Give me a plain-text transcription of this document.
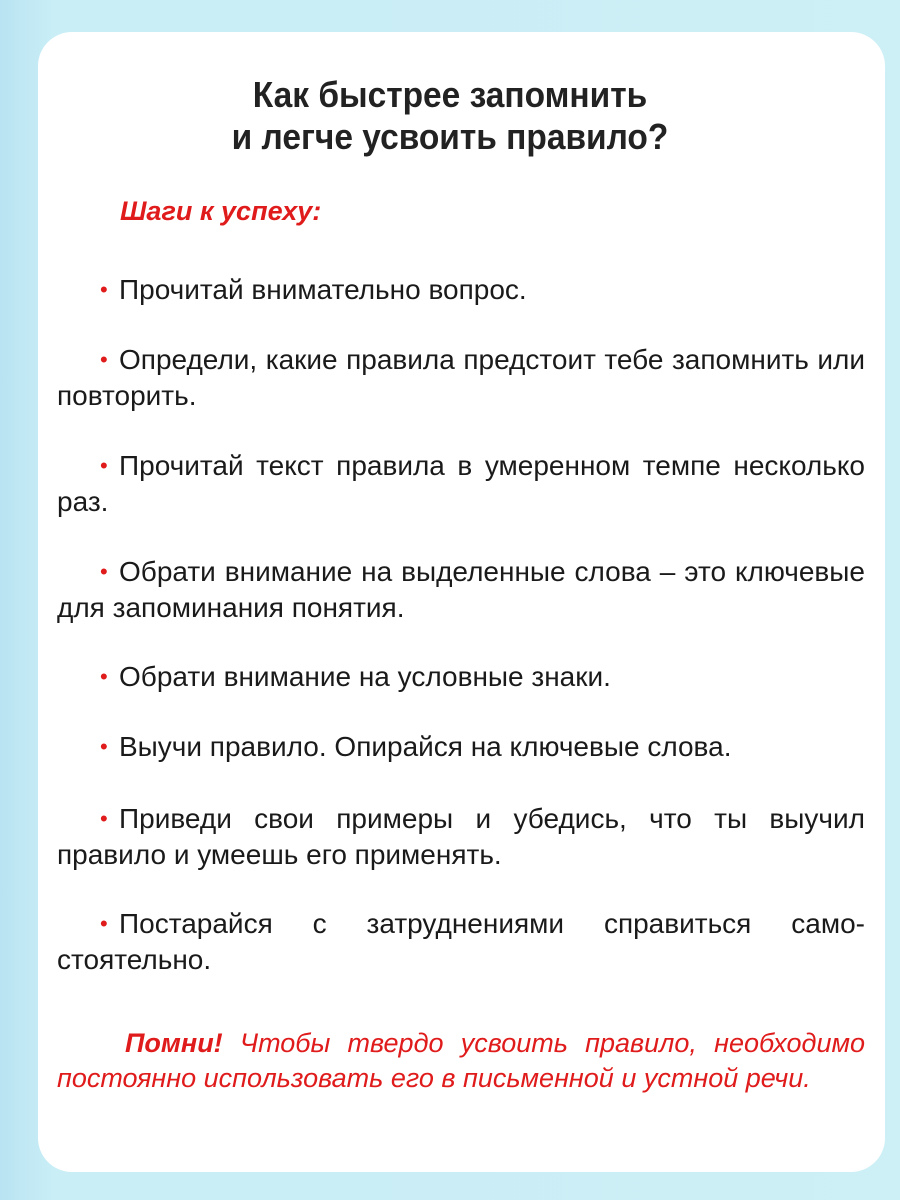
Как быстрее запомнить
и легче усвоить правило?
Шаги к успеху:
• Прочитай внимательно вопрос.
• Определи, какие правила предстоит тебе запомнить или повторить.
• Прочитай текст правила в умеренном темпе несколько раз.
• Обрати внимание на выделенные слова – это ключевые для запоминания понятия.
• Обрати внимание на условные знаки.
• Выучи правило. Опирайся на ключевые слова.
• Приведи свои примеры и убедись, что ты выучил правило и умеешь его применять.
• Постарайся с затруднениями справиться самостоятельно.
Помни! Чтобы твердо усвоить правило, необходимо постоянно использовать его в письменной и устной речи.
